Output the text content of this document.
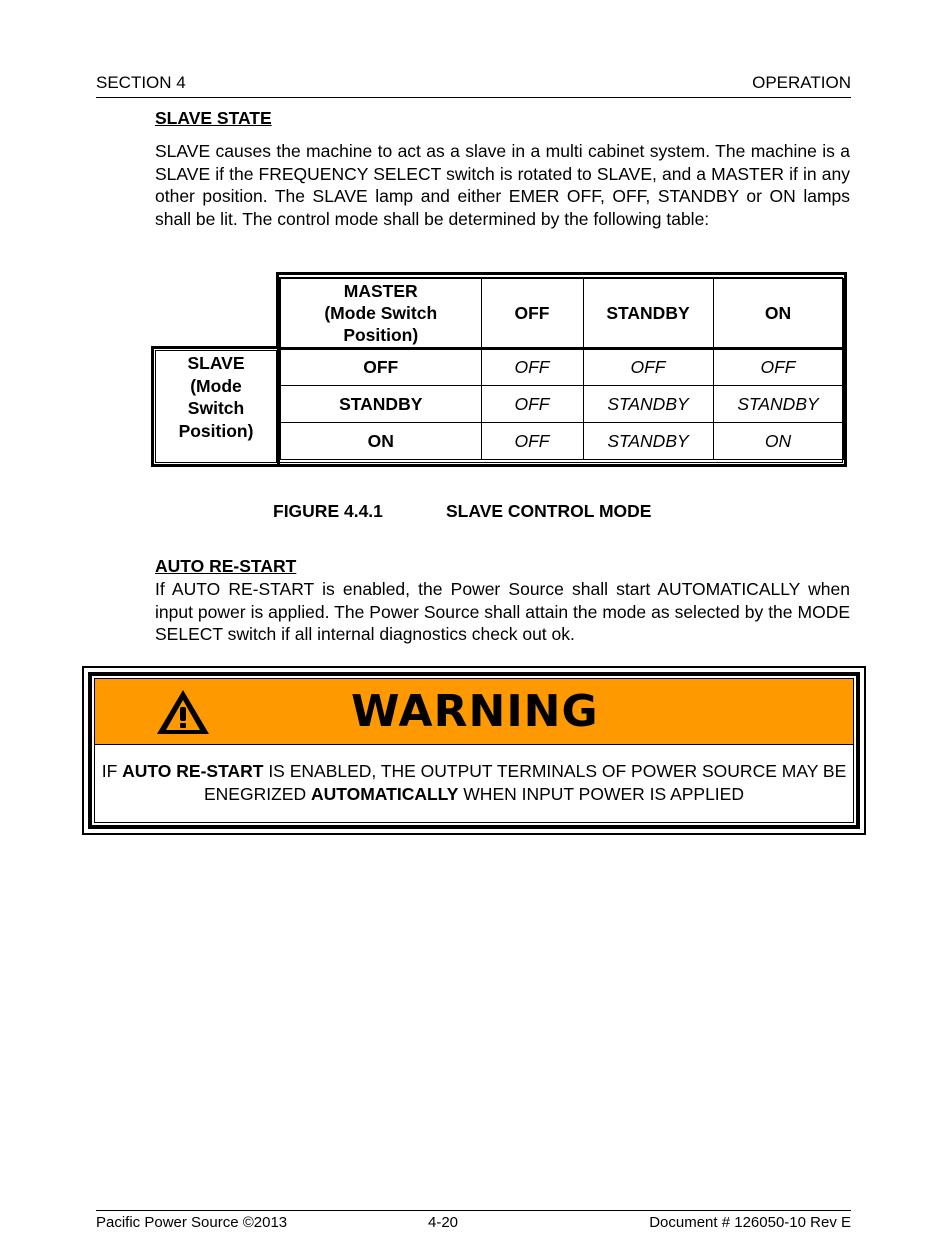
SECTION 4	OPERATION
SLAVE STATE

SLAVE causes the machine to act as a slave in a multi cabinet system. The machine is a SLAVE if the FREQUENCY SELECT switch is rotated to SLAVE, and a MASTER if in any other position. The SLAVE lamp and either EMER OFF, OFF, STANDBY or ON lamps shall be lit. The control mode shall be determined by the following table:

MASTER
(Mode Switch
Position)	OFF	STANDBY	ON
OFF	OFF	OFF	OFF
STANDBY	OFF	STANDBY	STANDBY
ON	OFF	STANDBY	ON
SLAVE
(Mode
Switch
Position)
FIGURE 4.4.1	SLAVE CONTROL MODE
AUTO RE-START

If AUTO RE-START is enabled, the Power Source shall start AUTOMATICALLY when input power is applied. The Power Source shall attain the mode as selected by the MODE SELECT switch if all internal diagnostics check out ok.

WARNING
IF AUTO RE-START IS ENABLED, THE OUTPUT TERMINALS OF POWER SOURCE MAY BE ENEGRIZED AUTOMATICALLY WHEN INPUT POWER IS APPLIED
Pacific Power Source ©2013	4-20	Document # 126050-10 Rev E
